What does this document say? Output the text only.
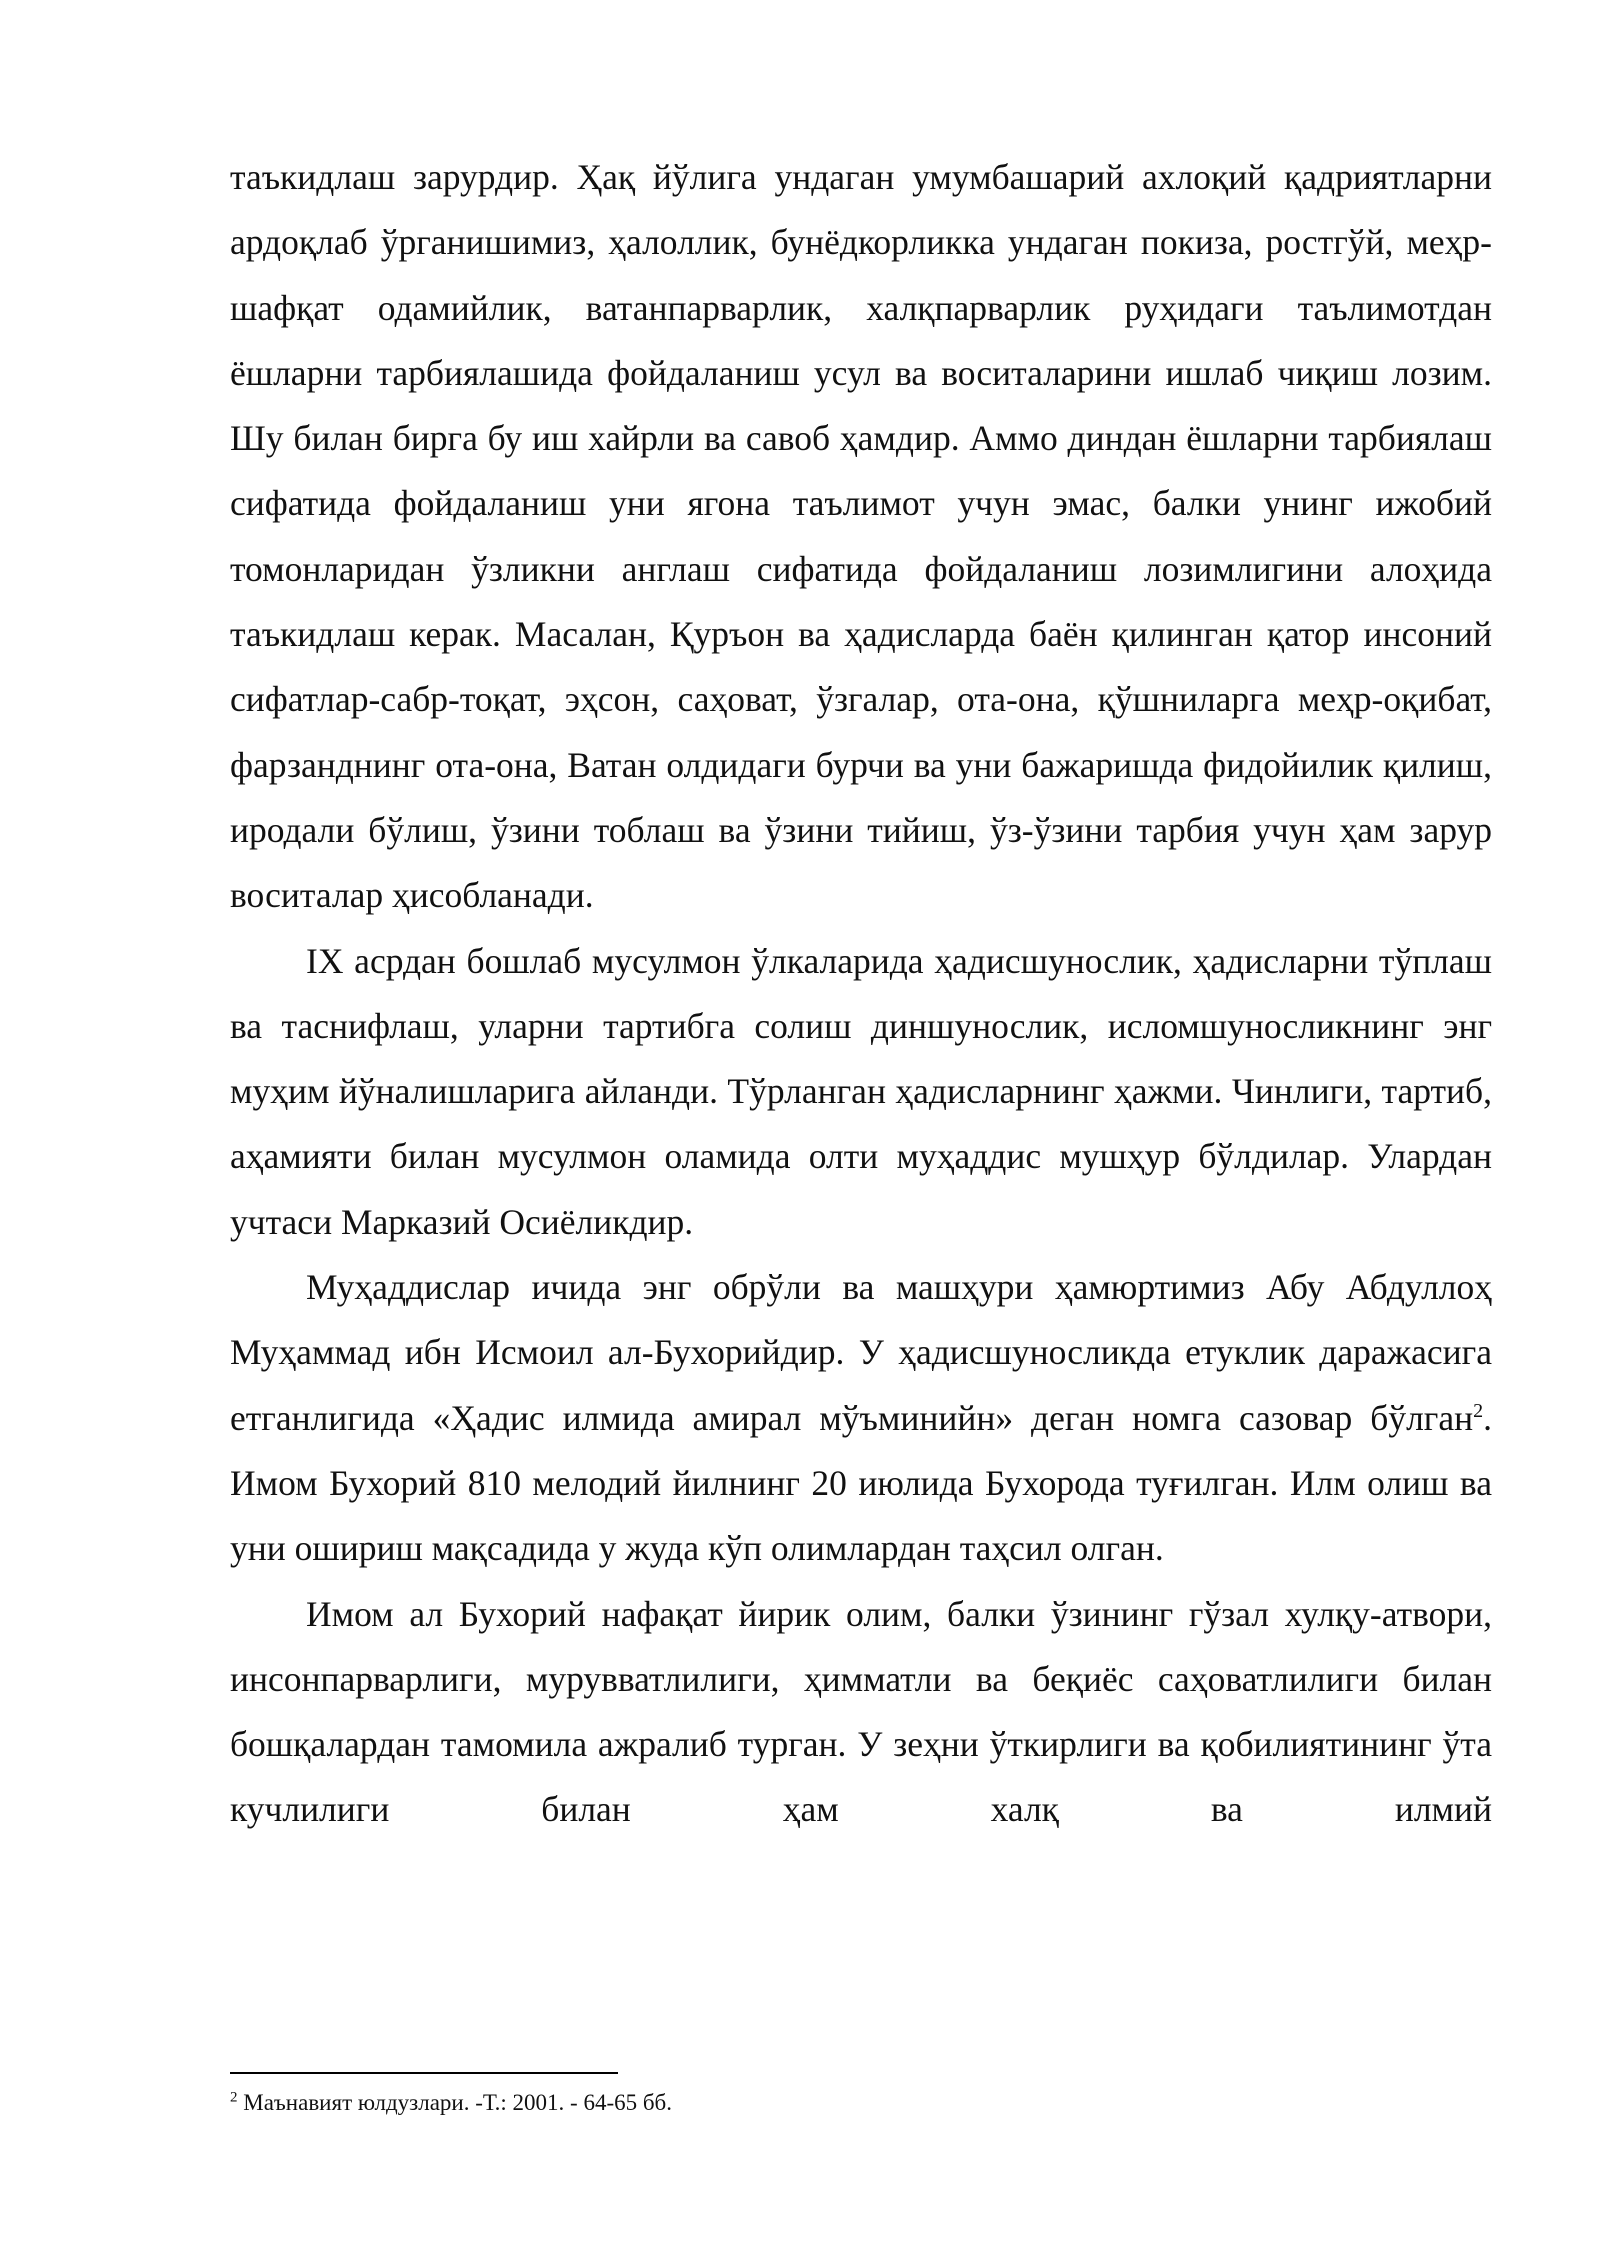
таъкидлаш зарурдир. Ҳақ йўлига ундаган умумбашарий ахлоқий қадриятларни ардоқлаб ўрганишимиз, ҳалоллик, бунёдкорликка ундаган покиза, ростгўй, меҳр-шафқат одамийлик, ватанпарварлик, халқпарварлик руҳидаги таълимотдан ёшларни тарбиялашида фойдаланиш усул ва воситаларини ишлаб чиқиш лозим. Шу билан бирга бу иш хайрли ва савоб ҳамдир. Аммо диндан ёшларни тарбиялаш сифатида фойдаланиш уни ягона таълимот учун эмас, балки унинг ижобий томонларидан ўзликни англаш сифатида фойдаланиш лозимлигини алоҳида таъкидлаш керак. Масалан, Қуръон ва ҳадисларда баён қилинган қатор инсоний сифатлар-сабр-тоқат, эҳсон, саҳоват, ўзгалар, ота-она, қўшниларга меҳр-оқибат, фарзанднинг ота-она, Ватан олдидаги бурчи ва уни бажаришда фидойилик қилиш, иродали бўлиш, ўзини тоблаш ва ўзини тийиш, ўз-ўзини тарбия учун ҳам зарур воситалар ҳисобланади.

IX асрдан бошлаб мусулмон ўлкаларида ҳадисшунослик, ҳадисларни тўплаш ва таснифлаш, уларни тартибга солиш диншунослик, исломшуносликнинг энг муҳим йўналишларига айланди. Тўрланган ҳадисларнинг ҳажми. Чинлиги, тартиб, аҳамияти билан мусулмон оламида олти муҳаддис мушҳур бўлдилар. Улардан учтаси Марказий Осиёликдир.

Муҳаддислар ичида энг обрўли ва машҳури ҳамюртимиз Абу Абдуллоҳ Муҳаммад ибн Исмоил ал-Бухорийдир. У ҳадисшуносликда етуклик даражасига етганлигида «Ҳадис илмида амирал мўъминийн» деган номга сазовар бўлган$^2$. Имом Бухорий 810 мелодий йилнинг 20 июлида Бухорода туғилган. Илм олиш ва уни ошириш мақсадида у жуда кўп олимлардан таҳсил олган.

Имом ал Бухорий нафақат йирик олим, балки ўзининг гўзал хулқу-атвори, инсонпарварлиги, мурувватлилиги, ҳимматли ва беқиёс саҳоватлилиги билан бошқалардан тамомила ажралиб турган. У зеҳни ўткирлиги ва қобилиятининг ўта кучлилиги билан ҳам халқ ва илмий

$^2$ Маънавият юлдузлари. -Т.: 2001. - 64-65 бб.
